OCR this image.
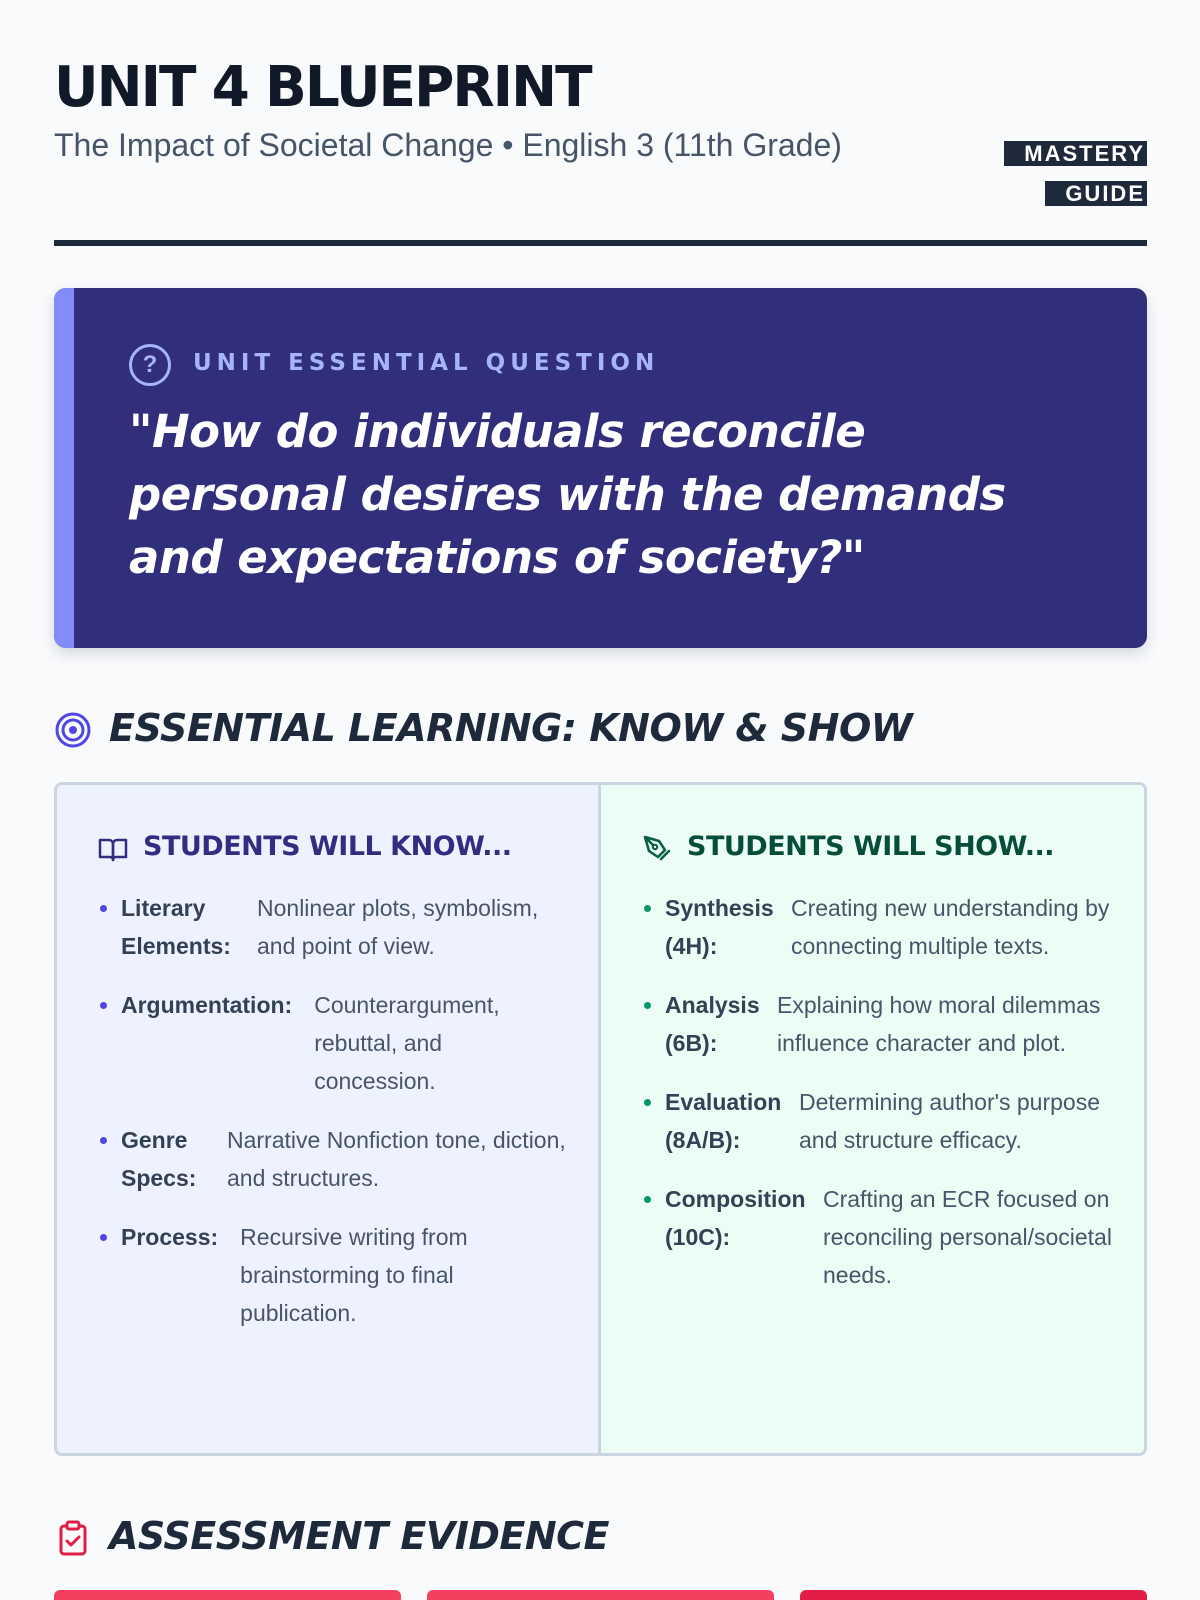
UNIT 4 BLUEPRINT

The Impact of Societal Change • English 3 (11th Grade)	MASTERY
GUIDE
?	UNIT ESSENTIAL QUESTION

"How do individuals reconcile personal desires with the demands and expectations of society?"

ESSENTIAL LEARNING: KNOW & SHOW
STUDENTS WILL KNOW...
Literary Elements:
Nonlinear plots, symbolism, and point of view.
Argumentation: Counterargument, rebuttal, and concession.
Genre Specs:
Narrative Nonfiction tone, diction, and structures.
Process: Recursive writing from brainstorming to final publication.
STUDENTS WILL SHOW...
Synthesis (4H):
Creating new understanding by connecting multiple texts.
Analysis (6B):
Explaining how moral dilemmas influence character and plot.
Evaluation (8A/B):
Determining author's purpose and structure efficacy.
Composition (10C):
Crafting an ECR focused on reconciling personal/societal needs.
ASSESSMENT EVIDENCE
